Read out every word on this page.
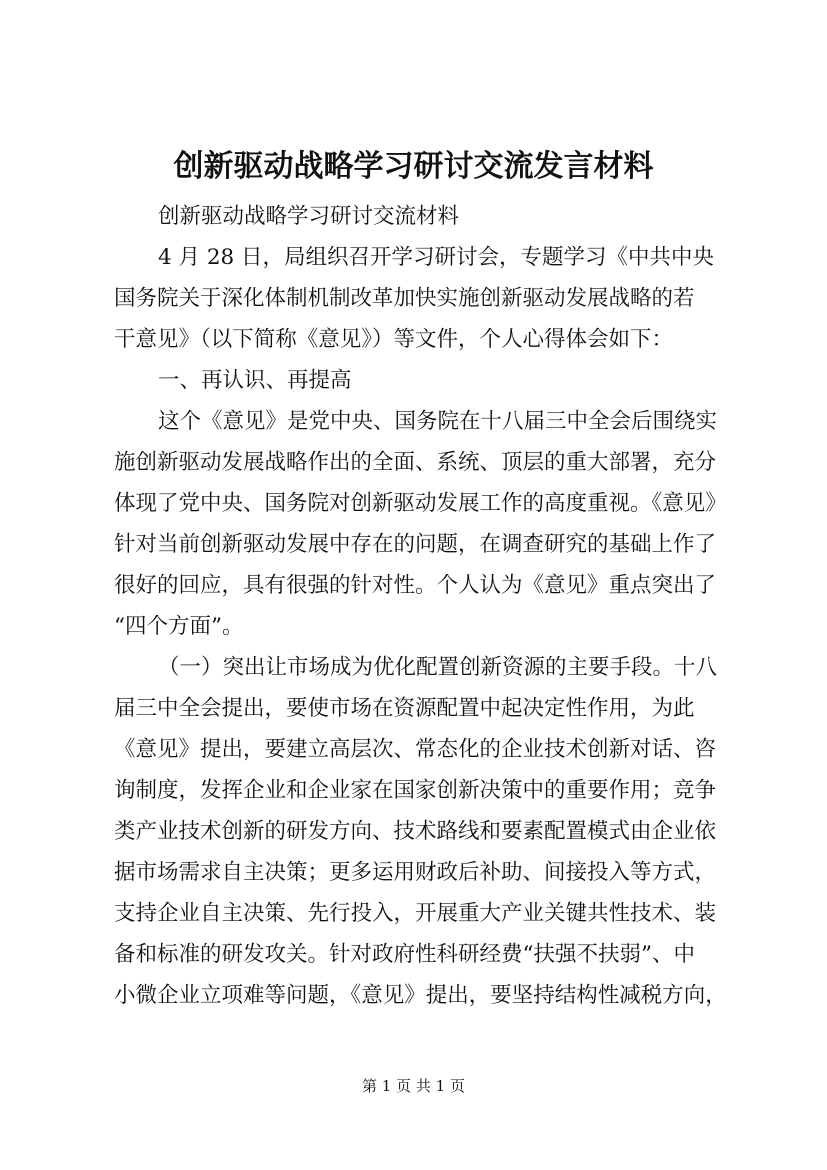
创新驱动战略学习研讨交流发言材料
创新驱动战略学习研讨交流材料
4 月 28 日，局组织召开学习研讨会，专题学习《中共中央
国务院关于深化体制机制改革加快实施创新驱动发展战略的若
干意见》（以下简称《意见》）等文件，个人心得体会如下：
一、再认识、再提高
这个《意见》是党中央、国务院在十八届三中全会后围绕实
施创新驱动发展战略作出的全面、系统、顶层的重大部署，充分
体现了党中央、国务院对创新驱动发展工作的高度重视。《意见》
针对当前创新驱动发展中存在的问题，在调查研究的基础上作了
很好的回应，具有很强的针对性。个人认为《意见》重点突出了
“四个方面”。
（一）突出让市场成为优化配置创新资源的主要手段。十八
届三中全会提出，要使市场在资源配置中起决定性作用，为此
《意见》提出，要建立高层次、常态化的企业技术创新对话、咨
询制度，发挥企业和企业家在国家创新决策中的重要作用；竞争
类产业技术创新的研发方向、技术路线和要素配置模式由企业依
据市场需求自主决策；更多运用财政后补助、间接投入等方式，
支持企业自主决策、先行投入，开展重大产业关键共性技术、装
备和标准的研发攻关。针对政府性科研经费“扶强不扶弱”、中
小微企业立项难等问题，《意见》提出，要坚持结构性减税方向，
第 1 页 共 1 页
